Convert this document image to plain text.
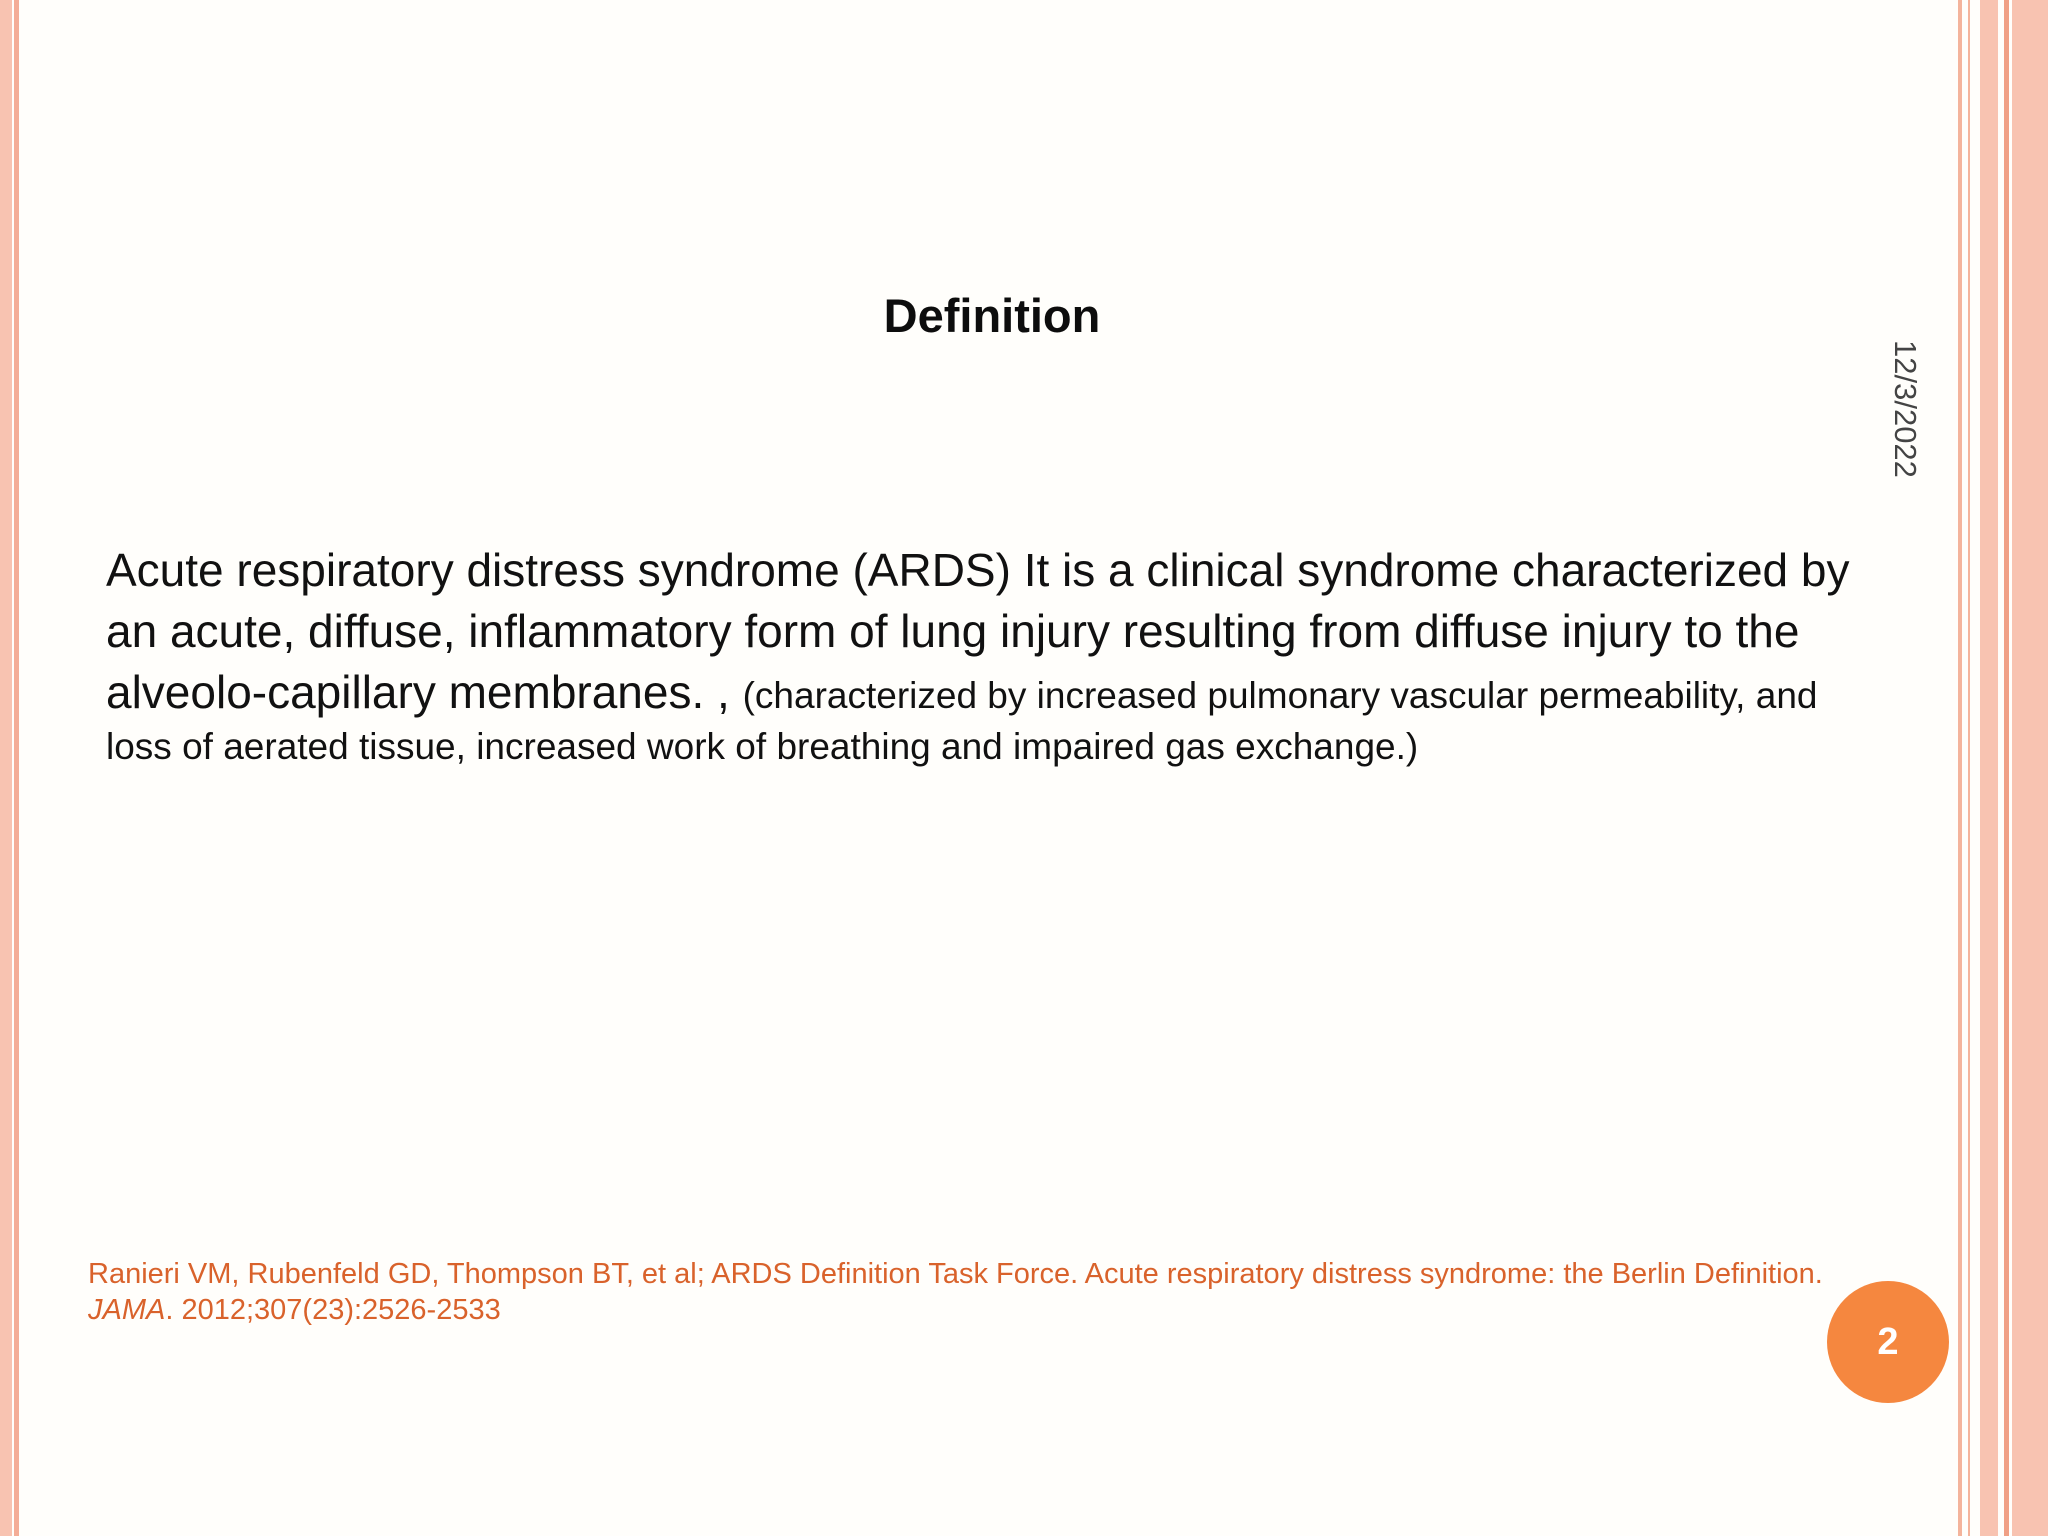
Definition
12/3/2022

Acute respiratory distress syndrome (ARDS) It is a clinical syndrome characterized by an acute, diffuse, inflammatory form of lung injury resulting from diffuse injury to the alveolo-capillary membranes. , (characterized by increased pulmonary vascular permeability, and loss of aerated tissue, increased work of breathing and impaired gas exchange.)

Ranieri VM, Rubenfeld GD, Thompson BT, et al; ARDS Definition Task Force. Acute respiratory distress syndrome: the Berlin Definition. JAMA. 2012;307(23):2526-2533

2
